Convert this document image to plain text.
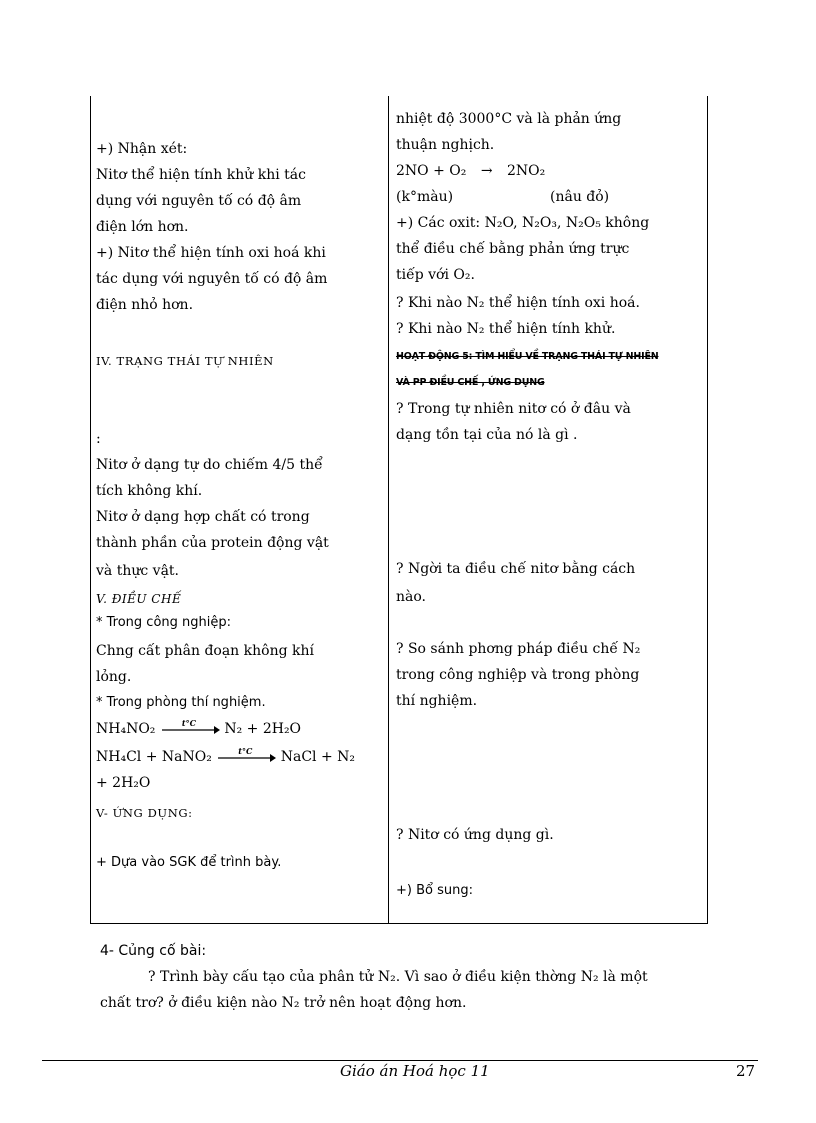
+) Nhận xét:
Nitơ thể hiện tính khử khi tác
dụng với nguyên tố có độ âm
điện lớn hơn.
+) Nitơ thể hiện tính oxi hoá khi
tác dụng với nguyên tố có độ âm
điện nhỏ hơn.
IV. TRẠNG THÁI TỰ NHIÊN
:
Nitơ ở dạng tự do chiếm 4/5 thể
tích không khí.
Nitơ ở dạng hợp chất có trong
thành phần của protein động vật
và thực vật.
V. ĐIỀU CHẾ
* Trong công nghiệp:
Chng cất phân đoạn không khí
lỏng.
* Trong phòng thí nghiệm.
NH₄NO₂	t°C N₂ + 2H₂O
NH₄Cl + NaNO₂	t°C NaCl + N₂
+ 2H₂O
V- ỨNG DỤNG:
+ Dựa vào SGK để trình bày.
nhiệt độ 3000°C và là phản ứng
thuận nghịch.
2NO + O₂ → 2NO₂
(k°màu)	(nâu đỏ)
+) Các oxit: N₂O, N₂O₃, N₂O₅ không
thể điều chế bằng phản ứng trực
tiếp với O₂.
? Khi nào N₂ thể hiện tính oxi hoá.
? Khi nào N₂ thể hiện tính khử.
HOẠT ĐỘNG 5: TÌM HIỂU VỀ TRẠNG THÁI TỰ NHIÊN
VÀ PP ĐIỀU CHẾ , ỨNG DỤNG
? Trong tự nhiên nitơ có ở đâu và
dạng tồn tại của nó là gì .
? Ngời ta điều chế nitơ bằng cách
nào.
? So sánh phơng pháp điều chế N₂
trong công nghiệp và trong phòng
thí nghiệm.
? Nitơ có ứng dụng gì.
+) Bổ sung:
4- Củng cố bài:
? Trình bày cấu tạo của phân tử N₂. Vì sao ở điều kiện thờng N₂ là một
chất trơ? ở điều kiện nào N₂ trở nên hoạt động hơn.
Giáo án Hoá học 11	27
